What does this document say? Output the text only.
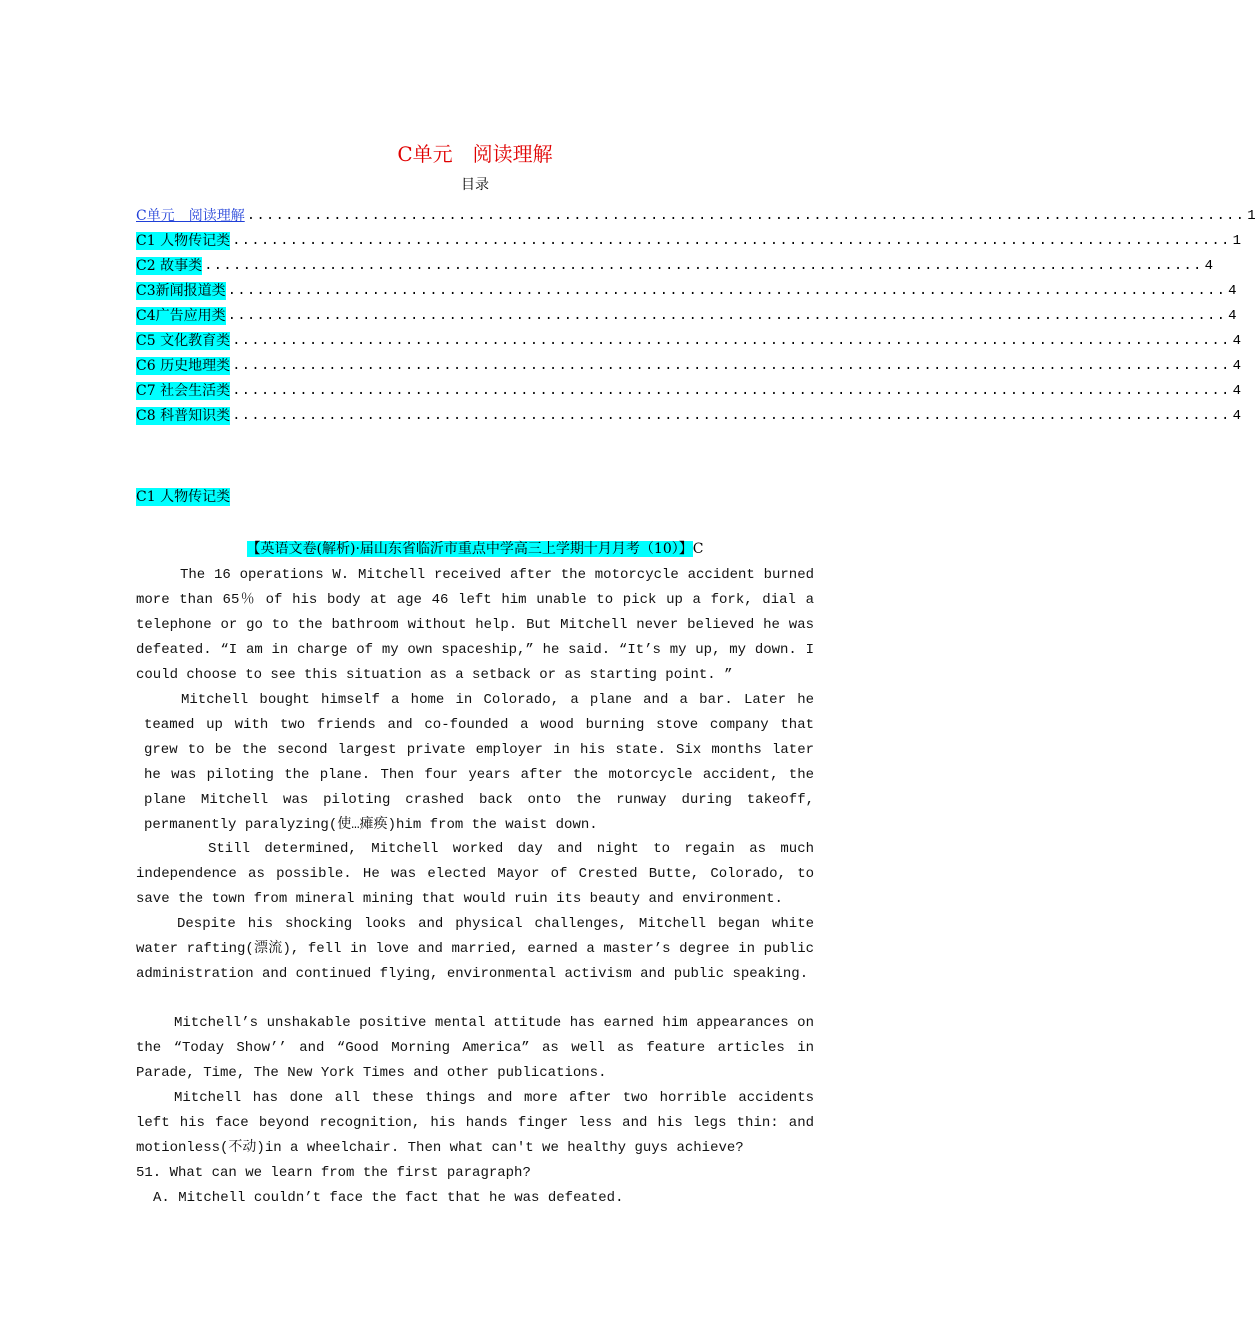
C单元　阅读理解
目录
C单元　阅读理解 ........................................................................................................ 1
C1 人物传记类 ........................................................................................................ 1
C2 故事类 ........................................................................................................ 4
C3新闻报道类 ........................................................................................................ 4
C4广告应用类 ........................................................................................................ 4
C5 文化教育类 ........................................................................................................ 4
C6 历史地理类 ........................................................................................................ 4
C7 社会生活类 ........................................................................................................ 4
C8 科普知识类 ........................................................................................................ 4
C1 人物传记类
【英语文卷(解析)·届山东省临沂市重点中学高三上学期十月月考（10）】C
The 16 operations W. Mitchell received after the motorcycle accident burned more than 65％ of his body at age 46 left him unable to pick up a fork, dial a telephone or go to the bathroom without help. But Mitchell never believed he was defeated. “I am in charge of my own spaceship,” he said. “It’s my up, my down. I could choose to see this situation as a setback or as starting point. ”
Mitchell bought himself a home in Colorado, a plane and a bar. Later he teamed up with two friends and co-founded a wood burning stove company that grew to be the second largest private employer in his state. Six months later he was piloting the plane. Then four years after the motorcycle accident, the plane Mitchell was piloting crashed back onto the runway during takeoff, permanently paralyzing(使…瘫痪)him from the waist down.
Still determined, Mitchell worked day and night to regain as much independence as possible. He was elected Mayor of Crested Butte, Colorado, to save the town from mineral mining that would ruin its beauty and environment.
Despite his shocking looks and physical challenges, Mitchell began white water rafting(漂流), fell in love and married, earned a master’s degree in public administration and continued flying, environmental activism and public speaking.
Mitchell’s unshakable positive mental attitude has earned him appearances on the “Today Show’’ and “Good Morning America” as well as feature articles in Parade, Time, The New York Times and other publications.
Mitchell has done all these things and more after two horrible accidents left his face beyond recognition, his hands finger less and his legs thin: and motionless(不动)in a wheelchair. Then what can't we healthy guys achieve?
51. What can we learn from the first paragraph?
A. Mitchell couldn’t face the fact that he was defeated.
